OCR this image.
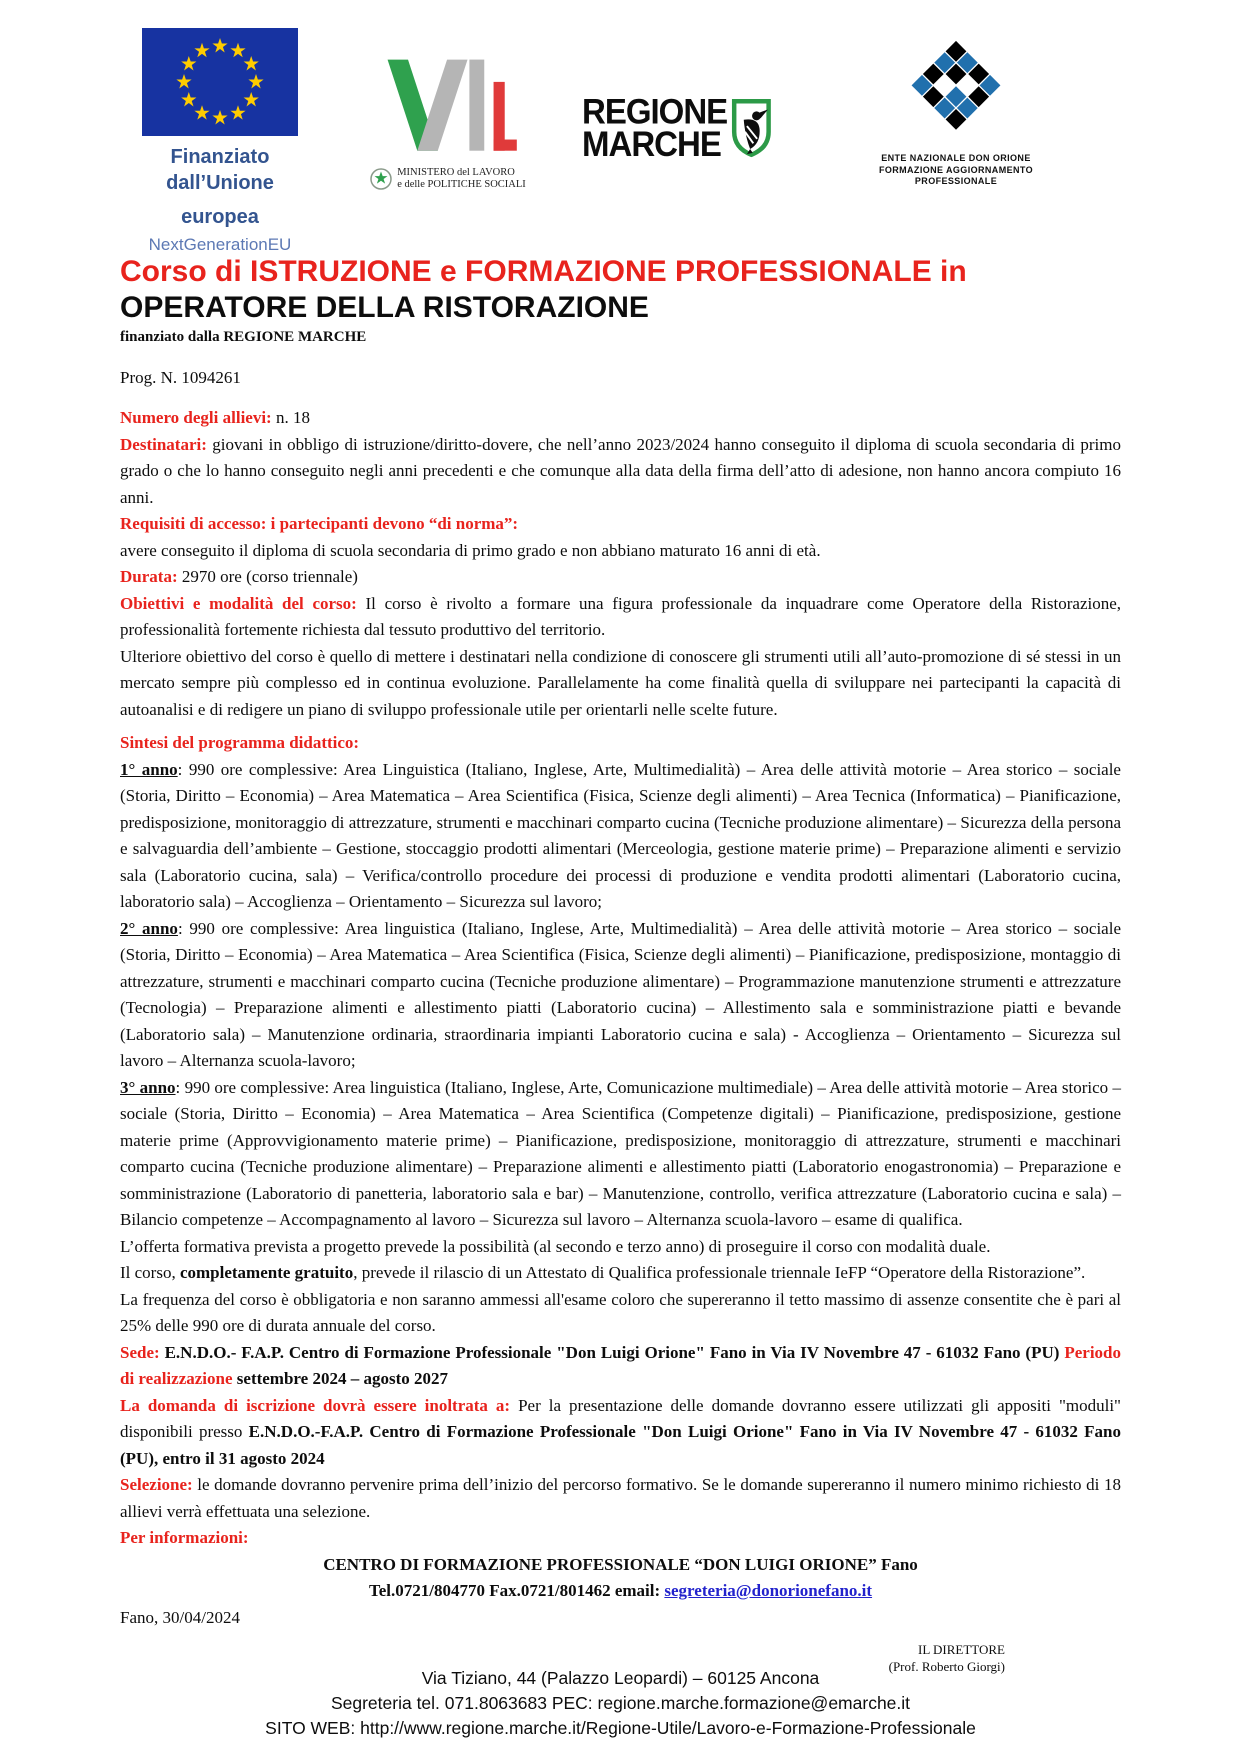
Finanziato dall’Unione
europea
NextGenerationEU
MINISTERO del LAVORO
e delle POLITICHE SOCIALI
REGIONE
MARCHE	ENTE NAZIONALE DON ORIONE
FORMAZIONE AGGIORNAMENTO
PROFESSIONALE
Corso di ISTRUZIONE e FORMAZIONE PROFESSIONALE in
OPERATORE DELLA RISTORAZIONE
finanziato dalla REGIONE MARCHE
Prog. N. 1094261

Numero degli allievi: n. 18

Destinatari: giovani in obbligo di istruzione/diritto-dovere, che nell’anno 2023/2024 hanno conseguito il diploma di scuola secondaria di primo grado o che lo hanno conseguito negli anni precedenti e che comunque alla data della firma dell’atto di adesione, non hanno ancora compiuto 16 anni.

Requisiti di accesso: i partecipanti devono “di norma”:

avere conseguito il diploma di scuola secondaria di primo grado e non abbiano maturato 16 anni di età.

Durata: 2970 ore (corso triennale)

Obiettivi e modalità del corso: Il corso è rivolto a formare una figura professionale da inquadrare come Operatore della Ristorazione, professionalità fortemente richiesta dal tessuto produttivo del territorio.

Ulteriore obiettivo del corso è quello di mettere i destinatari nella condizione di conoscere gli strumenti utili all’auto-promozione di sé stessi in un mercato sempre più complesso ed in continua evoluzione. Parallelamente ha come finalità quella di sviluppare nei partecipanti la capacità di autoanalisi e di redigere un piano di sviluppo professionale utile per orientarli nelle scelte future.

Sintesi del programma didattico:

1° anno: 990 ore complessive: Area Linguistica (Italiano, Inglese, Arte, Multimedialità) – Area delle attività motorie – Area storico – sociale (Storia, Diritto – Economia) – Area Matematica – Area Scientifica (Fisica, Scienze degli alimenti) – Area Tecnica (Informatica) – Pianificazione, predisposizione, monitoraggio di attrezzature, strumenti e macchinari comparto cucina (Tecniche produzione alimentare) – Sicurezza della persona e salvaguardia dell’ambiente – Gestione, stoccaggio prodotti alimentari (Merceologia, gestione materie prime) – Preparazione alimenti e servizio sala (Laboratorio cucina, sala) – Verifica/controllo procedure dei processi di produzione e vendita prodotti alimentari (Laboratorio cucina, laboratorio sala) – Accoglienza – Orientamento – Sicurezza sul lavoro;

2° anno: 990 ore complessive: Area linguistica (Italiano, Inglese, Arte, Multimedialità) – Area delle attività motorie – Area storico – sociale (Storia, Diritto – Economia) – Area Matematica – Area Scientifica (Fisica, Scienze degli alimenti) – Pianificazione, predisposizione, montaggio di attrezzature, strumenti e macchinari comparto cucina (Tecniche produzione alimentare) – Programmazione manutenzione strumenti e attrezzature (Tecnologia) – Preparazione alimenti e allestimento piatti (Laboratorio cucina) – Allestimento sala e somministrazione piatti e bevande (Laboratorio sala) – Manutenzione ordinaria, straordinaria impianti Laboratorio cucina e sala) - Accoglienza – Orientamento – Sicurezza sul lavoro – Alternanza scuola-lavoro;

3° anno: 990 ore complessive: Area linguistica (Italiano, Inglese, Arte, Comunicazione multimediale) – Area delle attività motorie – Area storico – sociale (Storia, Diritto – Economia) – Area Matematica – Area Scientifica (Competenze digitali) – Pianificazione, predisposizione, gestione materie prime (Approvvigionamento materie prime) – Pianificazione, predisposizione, monitoraggio di attrezzature, strumenti e macchinari comparto cucina (Tecniche produzione alimentare) – Preparazione alimenti e allestimento piatti (Laboratorio enogastronomia) – Preparazione e somministrazione (Laboratorio di panetteria, laboratorio sala e bar) – Manutenzione, controllo, verifica attrezzature (Laboratorio cucina e sala) – Bilancio competenze – Accompagnamento al lavoro – Sicurezza sul lavoro – Alternanza scuola-lavoro – esame di qualifica.

L’offerta formativa prevista a progetto prevede la possibilità (al secondo e terzo anno) di proseguire il corso con modalità duale.

Il corso, completamente gratuito, prevede il rilascio di un Attestato di Qualifica professionale triennale IeFP “Operatore della Ristorazione”.

La frequenza del corso è obbligatoria e non saranno ammessi all'esame coloro che supereranno il tetto massimo di assenze consentite che è pari al 25% delle 990 ore di durata annuale del corso.

Sede: E.N.D.O.- F.A.P. Centro di Formazione Professionale "Don Luigi Orione" Fano in Via IV Novembre 47 - 61032 Fano (PU) Periodo di realizzazione settembre 2024 – agosto 2027

La domanda di iscrizione dovrà essere inoltrata a: Per la presentazione delle domande dovranno essere utilizzati gli appositi "moduli" disponibili presso E.N.D.O.-F.A.P. Centro di Formazione Professionale "Don Luigi Orione" Fano in Via IV Novembre 47 - 61032 Fano (PU), entro il 31 agosto 2024

Selezione: le domande dovranno pervenire prima dell’inizio del percorso formativo. Se le domande supereranno il numero minimo richiesto di 18 allievi verrà effettuata una selezione.

Per informazioni:

CENTRO DI FORMAZIONE PROFESSIONALE “DON LUIGI ORIONE” Fano

Tel.0721/804770 Fax.0721/801462 email: segreteria@donorionefano.it

Fano, 30/04/2024

IL DIRETTORE
(Prof. Roberto Giorgi)
Via Tiziano, 44 (Palazzo Leopardi) – 60125 Ancona
Segreteria tel. 071.8063683 PEC: regione.marche.formazione@emarche.it
SITO WEB: http://www.regione.marche.it/Regione-Utile/Lavoro-e-Formazione-Professionale
